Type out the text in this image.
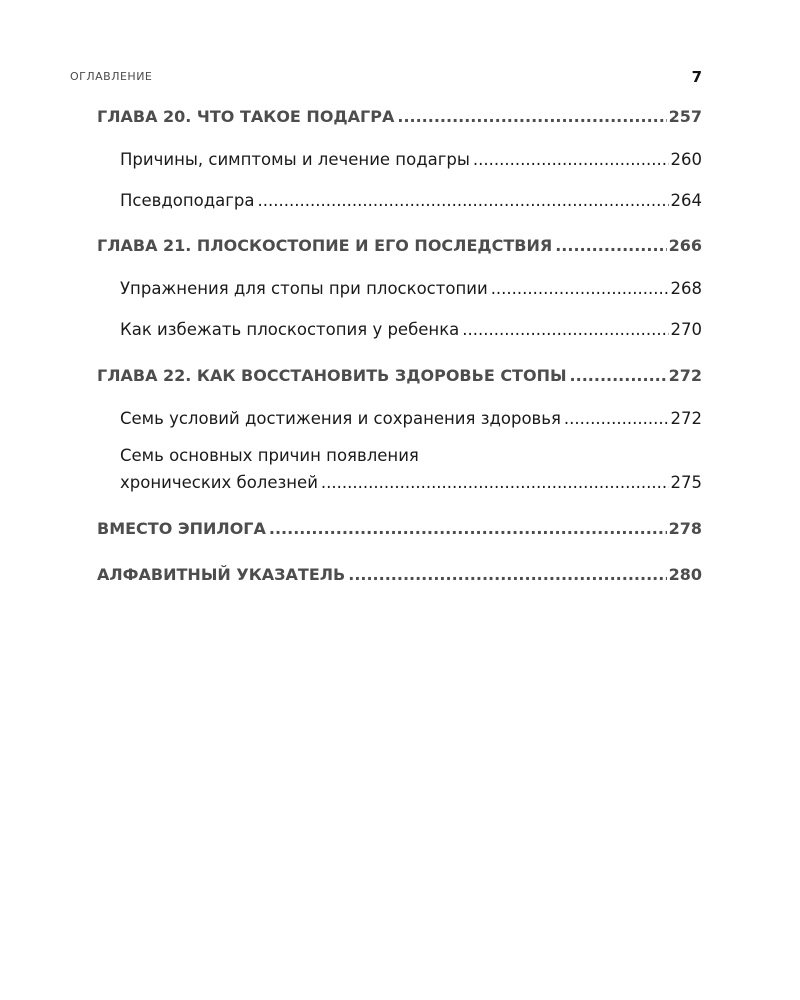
ОГЛАВЛЕНИЕ	7
ГЛАВА 20. ЧТО ТАКОЕ ПОДАГРА .....	257
Причины, симптомы и лечение подагры .....	260
Псевдоподагра .....	264
ГЛАВА 21. ПЛОСКОСТОПИЕ И ЕГО ПОСЛЕДСТВИЯ .....	266
Упражнения для стопы при плоскостопии .....	268
Как избежать плоскостопия у ребенка .....	270
ГЛАВА 22. КАК ВОССТАНОВИТЬ ЗДОРОВЬЕ СТОПЫ .....	272
Семь условий достижения и сохранения здоровья .....	272
Семь основных причин появления
хронических болезней .....	275
ВМЕСТО ЭПИЛОГА .....	278
АЛФАВИТНЫЙ УКАЗАТЕЛЬ .....	280
